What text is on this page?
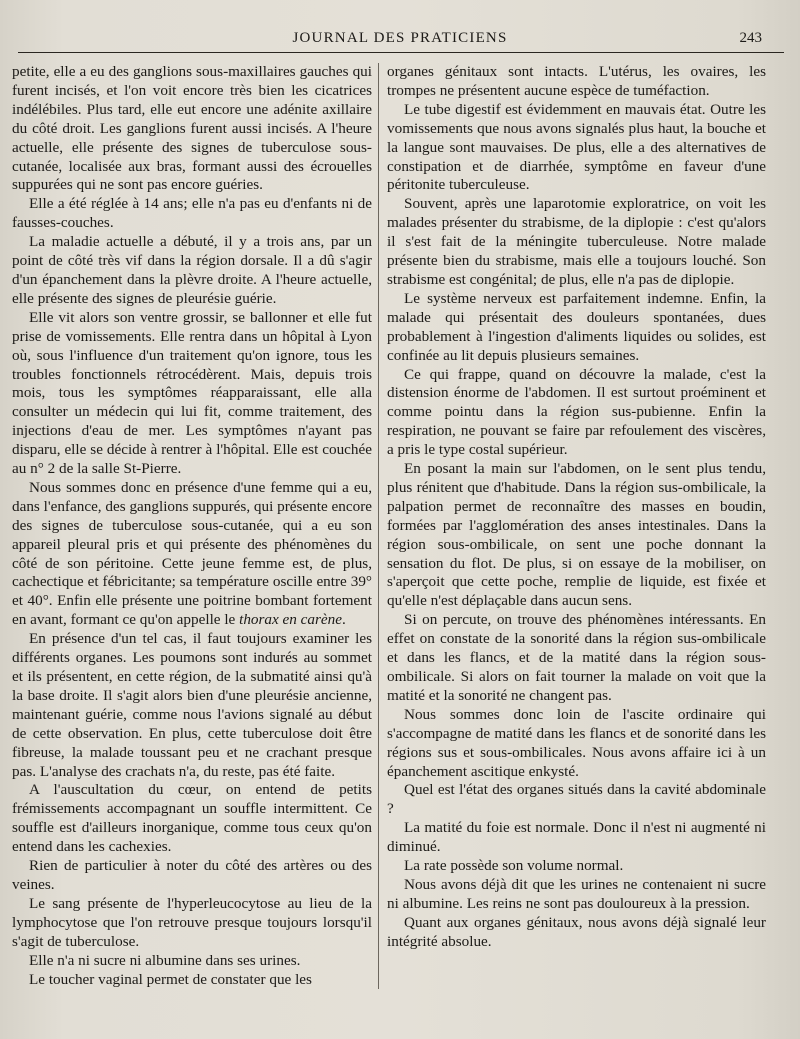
JOURNAL DES PRATICIENS	243

petite, elle a eu des ganglions sous-maxillaires gauches qui furent incisés, et l'on voit encore très bien les cicatrices indélébiles. Plus tard, elle eut encore une adénite axillaire du côté droit. Les ganglions furent aussi incisés. A l'heure actuelle, elle présente des signes de tuberculose sous-cutanée, localisée aux bras, formant aussi des écrouelles suppurées qui ne sont pas encore guéries.

Elle a été réglée à 14 ans; elle n'a pas eu d'enfants ni de fausses-couches.

La maladie actuelle a débuté, il y a trois ans, par un point de côté très vif dans la région dorsale. Il a dû s'agir d'un épanchement dans la plèvre droite. A l'heure actuelle, elle présente des signes de pleurésie guérie.

Elle vit alors son ventre grossir, se ballonner et elle fut prise de vomissements. Elle rentra dans un hôpital à Lyon où, sous l'influence d'un traitement qu'on ignore, tous les troubles fonctionnels rétrocédèrent. Mais, depuis trois mois, tous les symptômes réapparaissant, elle alla consulter un médecin qui lui fit, comme traitement, des injections d'eau de mer. Les symptômes n'ayant pas disparu, elle se décide à rentrer à l'hôpital. Elle est couchée au n° 2 de la salle St-Pierre.

Nous sommes donc en présence d'une femme qui a eu, dans l'enfance, des ganglions suppurés, qui présente encore des signes de tuberculose sous-cutanée, qui a eu son appareil pleural pris et qui présente des phénomènes du côté de son péritoine. Cette jeune femme est, de plus, cachectique et fébricitante; sa température oscille entre 39° et 40°. Enfin elle présente une poitrine bombant fortement en avant, formant ce qu'on appelle le thorax en carène.

En présence d'un tel cas, il faut toujours examiner les différents organes. Les poumons sont indurés au sommet et ils présentent, en cette région, de la submatité ainsi qu'à la base droite. Il s'agit alors bien d'une pleurésie ancienne, maintenant guérie, comme nous l'avions signalé au début de cette observation. En plus, cette tuberculose doit être fibreuse, la malade toussant peu et ne crachant presque pas. L'analyse des crachats n'a, du reste, pas été faite.

A l'auscultation du cœur, on entend de petits frémissements accompagnant un souffle intermittent. Ce souffle est d'ailleurs inorganique, comme tous ceux qu'on entend dans les cachexies.

Rien de particulier à noter du côté des artères ou des veines.

Le sang présente de l'hyperleucocytose au lieu de la lymphocytose que l'on retrouve presque toujours lorsqu'il s'agit de tuberculose.

Elle n'a ni sucre ni albumine dans ses urines.

Le toucher vaginal permet de constater que les

organes génitaux sont intacts. L'utérus, les ovaires, les trompes ne présentent aucune espèce de tuméfaction.

Le tube digestif est évidemment en mauvais état. Outre les vomissements que nous avons signalés plus haut, la bouche et la langue sont mauvaises. De plus, elle a des alternatives de constipation et de diarrhée, symptôme en faveur d'une péritonite tuberculeuse.

Souvent, après une laparotomie exploratrice, on voit les malades présenter du strabisme, de la diplopie : c'est qu'alors il s'est fait de la méningite tuberculeuse. Notre malade présente bien du strabisme, mais elle a toujours louché. Son strabisme est congénital; de plus, elle n'a pas de diplopie.

Le système nerveux est parfaitement indemne. Enfin, la malade qui présentait des douleurs spontanées, dues probablement à l'ingestion d'aliments liquides ou solides, est confinée au lit depuis plusieurs semaines.

Ce qui frappe, quand on découvre la malade, c'est la distension énorme de l'abdomen. Il est surtout proéminent et comme pointu dans la région sus-pubienne. Enfin la respiration, ne pouvant se faire par refoulement des viscères, a pris le type costal supérieur.

En posant la main sur l'abdomen, on le sent plus tendu, plus rénitent que d'habitude. Dans la région sus-ombilicale, la palpation permet de reconnaître des masses en boudin, formées par l'agglomération des anses intestinales. Dans la région sous-ombilicale, on sent une poche donnant la sensation du flot. De plus, si on essaye de la mobiliser, on s'aperçoit que cette poche, remplie de liquide, est fixée et qu'elle n'est déplaçable dans aucun sens.

Si on percute, on trouve des phénomènes intéressants. En effet on constate de la sonorité dans la région sus-ombilicale et dans les flancs, et de la matité dans la région sous-ombilicale. Si alors on fait tourner la malade on voit que la matité et la sonorité ne changent pas.

Nous sommes donc loin de l'ascite ordinaire qui s'accompagne de matité dans les flancs et de sonorité dans les régions sus et sous-ombilicales. Nous avons affaire ici à un épanchement ascitique enkysté.

Quel est l'état des organes situés dans la cavité abdominale ?

La matité du foie est normale. Donc il n'est ni augmenté ni diminué.

La rate possède son volume normal.

Nous avons déjà dit que les urines ne contenaient ni sucre ni albumine. Les reins ne sont pas douloureux à la pression.

Quant aux organes génitaux, nous avons déjà signalé leur intégrité absolue.
